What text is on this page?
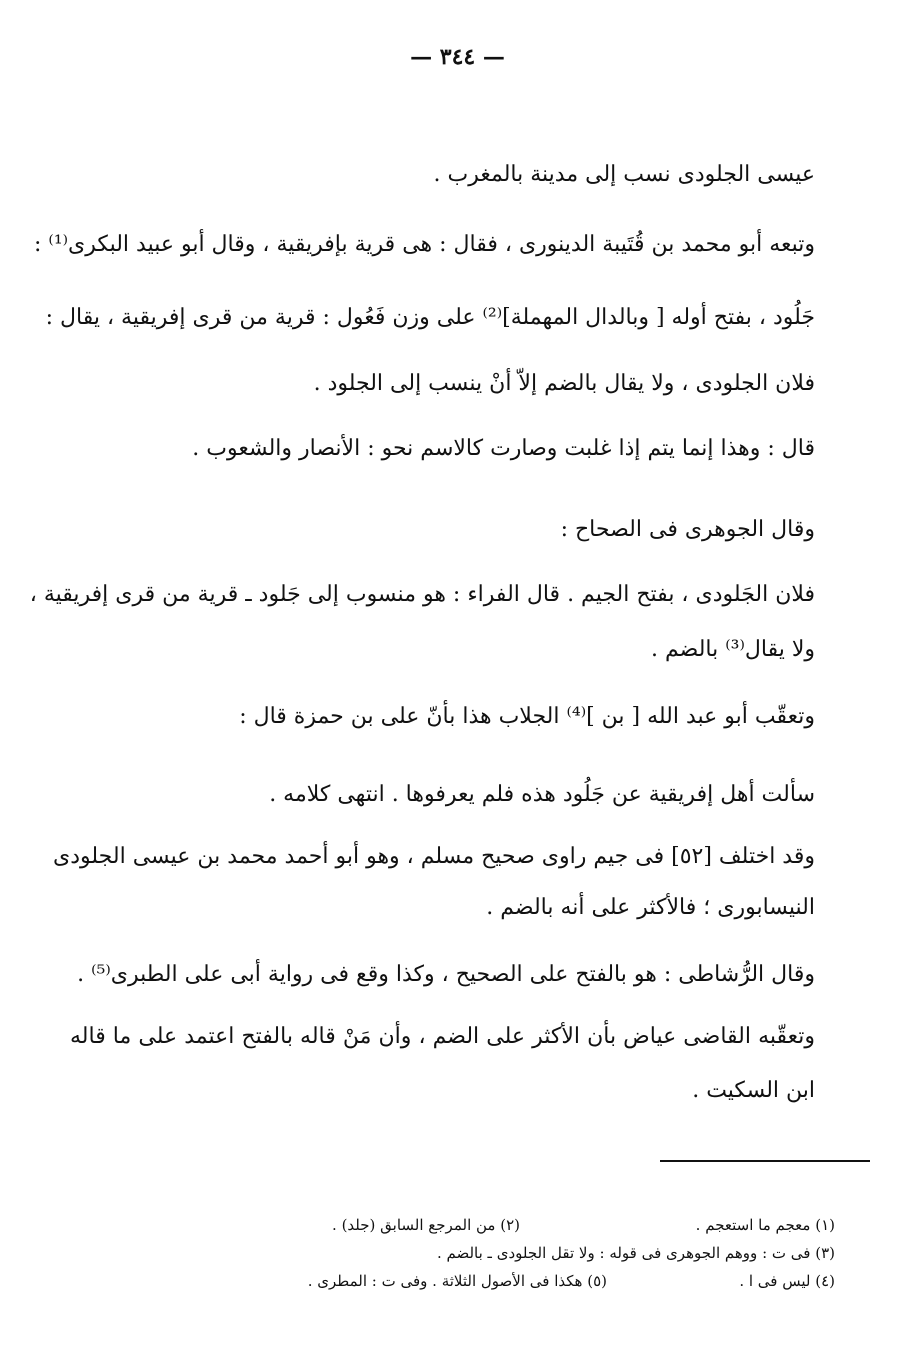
— ٣٤٤ —
عيسى الجلودى نسب إلى مدينة بالمغرب .
وتبعه أبو محمد بن قُتَيبة الدينورى ، فقال : هى قرية بإفريقية ، وقال أبو عبيد البكرى⁽¹⁾ :
جَلُود ، بفتح أوله [ وبالدال المهملة]⁽²⁾ على وزن فَعُول : قرية من قرى إفريقية ، يقال :
فلان الجلودى ، ولا يقال بالضم إلاّ أنْ ينسب إلى الجلود .
قال : وهذا إنما يتم إذا غلبت وصارت كالاسم نحو : الأنصار والشعوب .
وقال الجوهرى فى الصحاح :
فلان الجَلودى ، بفتح الجيم . قال الفراء : هو منسوب إلى جَلود ـ قرية من قرى إفريقية ،
ولا يقال⁽³⁾ بالضم .
وتعقّب أبو عبد الله [ بن ]⁽⁴⁾ الجلاب هذا بأنّ على بن حمزة قال :
سألت أهل إفريقية عن جَلُود هذه فلم يعرفوها . انتهى كلامه .
وقد اختلف [٥٢] فى جيم راوى صحيح مسلم ، وهو أبو أحمد محمد بن عيسى الجلودى
النيسابورى ؛ فالأكثر على أنه بالضم .
وقال الرُّشاطى : هو بالفتح على الصحيح ، وكذا وقع فى رواية أبى على الطبرى⁽⁵⁾ .
وتعقّبه القاضى عياض بأن الأكثر على الضم ، وأن مَنْ قاله بالفتح اعتمد على ما قاله
ابن السكيت .
(١) معجم ما استعجم .
(٢) من المرجع السابق (جلد) .
(٣) فى ت : ووهم الجوهرى فى قوله : ولا تقل الجلودى ـ بالضم .
(٤) ليس فى ا .
(٥) هكذا فى الأصول الثلاثة . وفى ت : المطرى .
